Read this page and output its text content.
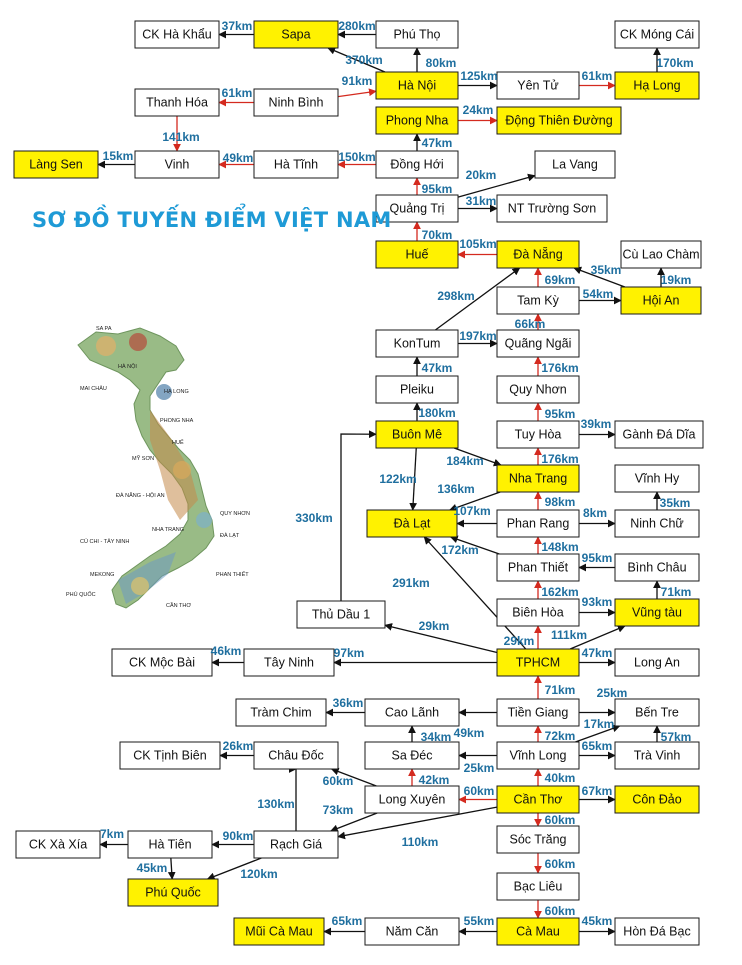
SƠ ĐỒ TUYẾN ĐIỂM VIỆT NAM
SA PA
HÀ NỘI
HẠ LONG
MAI CHÂU
PHONG NHA
HUẾ
MỸ SƠN
ĐÀ NẴNG - HỘI AN
QUY NHƠN
NHA TRANG
ĐÀ LẠT
CỦ CHI - TÂY NINH
PHAN THIẾT
MEKONG
PHÚ QUỐC
CẦN THƠ
CK Hà Khẩu	Sapa	Phú Thọ	CK Móng Cái
Thanh Hóa	Ninh Bình
Hà Nội	Yên Tử	Hạ Long
Phong Nha	Động Thiên Đường
Làng Sen	Vinh	Hà Tĩnh	Đồng Hới	La Vang
Quảng Trị	NT Trường Sơn
Huế	Đà Nẵng	Cù Lao Chàm
Tam Kỳ	Hội An
KonTum	Quãng Ngãi
Pleiku	Quy Nhơn
Buôn Mê	Tuy Hòa	Gành Đá Dĩa
Nha Trang	Vĩnh Hy
Đà Lạt	Phan Rang	Ninh Chữ
Phan Thiết	Bình Châu
Thủ Dầu 1	Biên Hòa	Vũng tàu
CK Mộc Bài	Tây Ninh	TPHCM	Long An
Tràm Chim	Cao Lãnh	Tiền Giang	Bến Tre
CK Tịnh Biên	Châu Đốc	Sa Đéc	Vĩnh Long	Trà Vinh
Long Xuyên	Cần Thơ	Côn Đảo
CK Xà Xía	Hà Tiên	Rạch Giá	Sóc Trăng
Phú Quốc	Bạc Liêu
Mũi Cà Mau	Năm Căn	Cà Mau	Hòn Đá Bạc
37km	280km
370km	80km
125km	61km
170km
91km
61km
141km
24km
47km
15km	49km	150km
20km
95km
31km
70km
105km
35km
19km
69km
54km
298km
197km
66km
47km	176km
180km	95km
39km
184km
122km
176km
136km
98km
107km	8km
35km
172km	148km
95km
162km	71km
93km
330km
291km
29km
29km 111km
97km
46km	47km
71km 25km
49km
36km
17km
72km
34km
25km
65km
57km
42km	40km
60km	67km
26km
60km
73km
130km
110km
90km
7km
45km	120km
60km
60km
60km
55km
65km	45km
